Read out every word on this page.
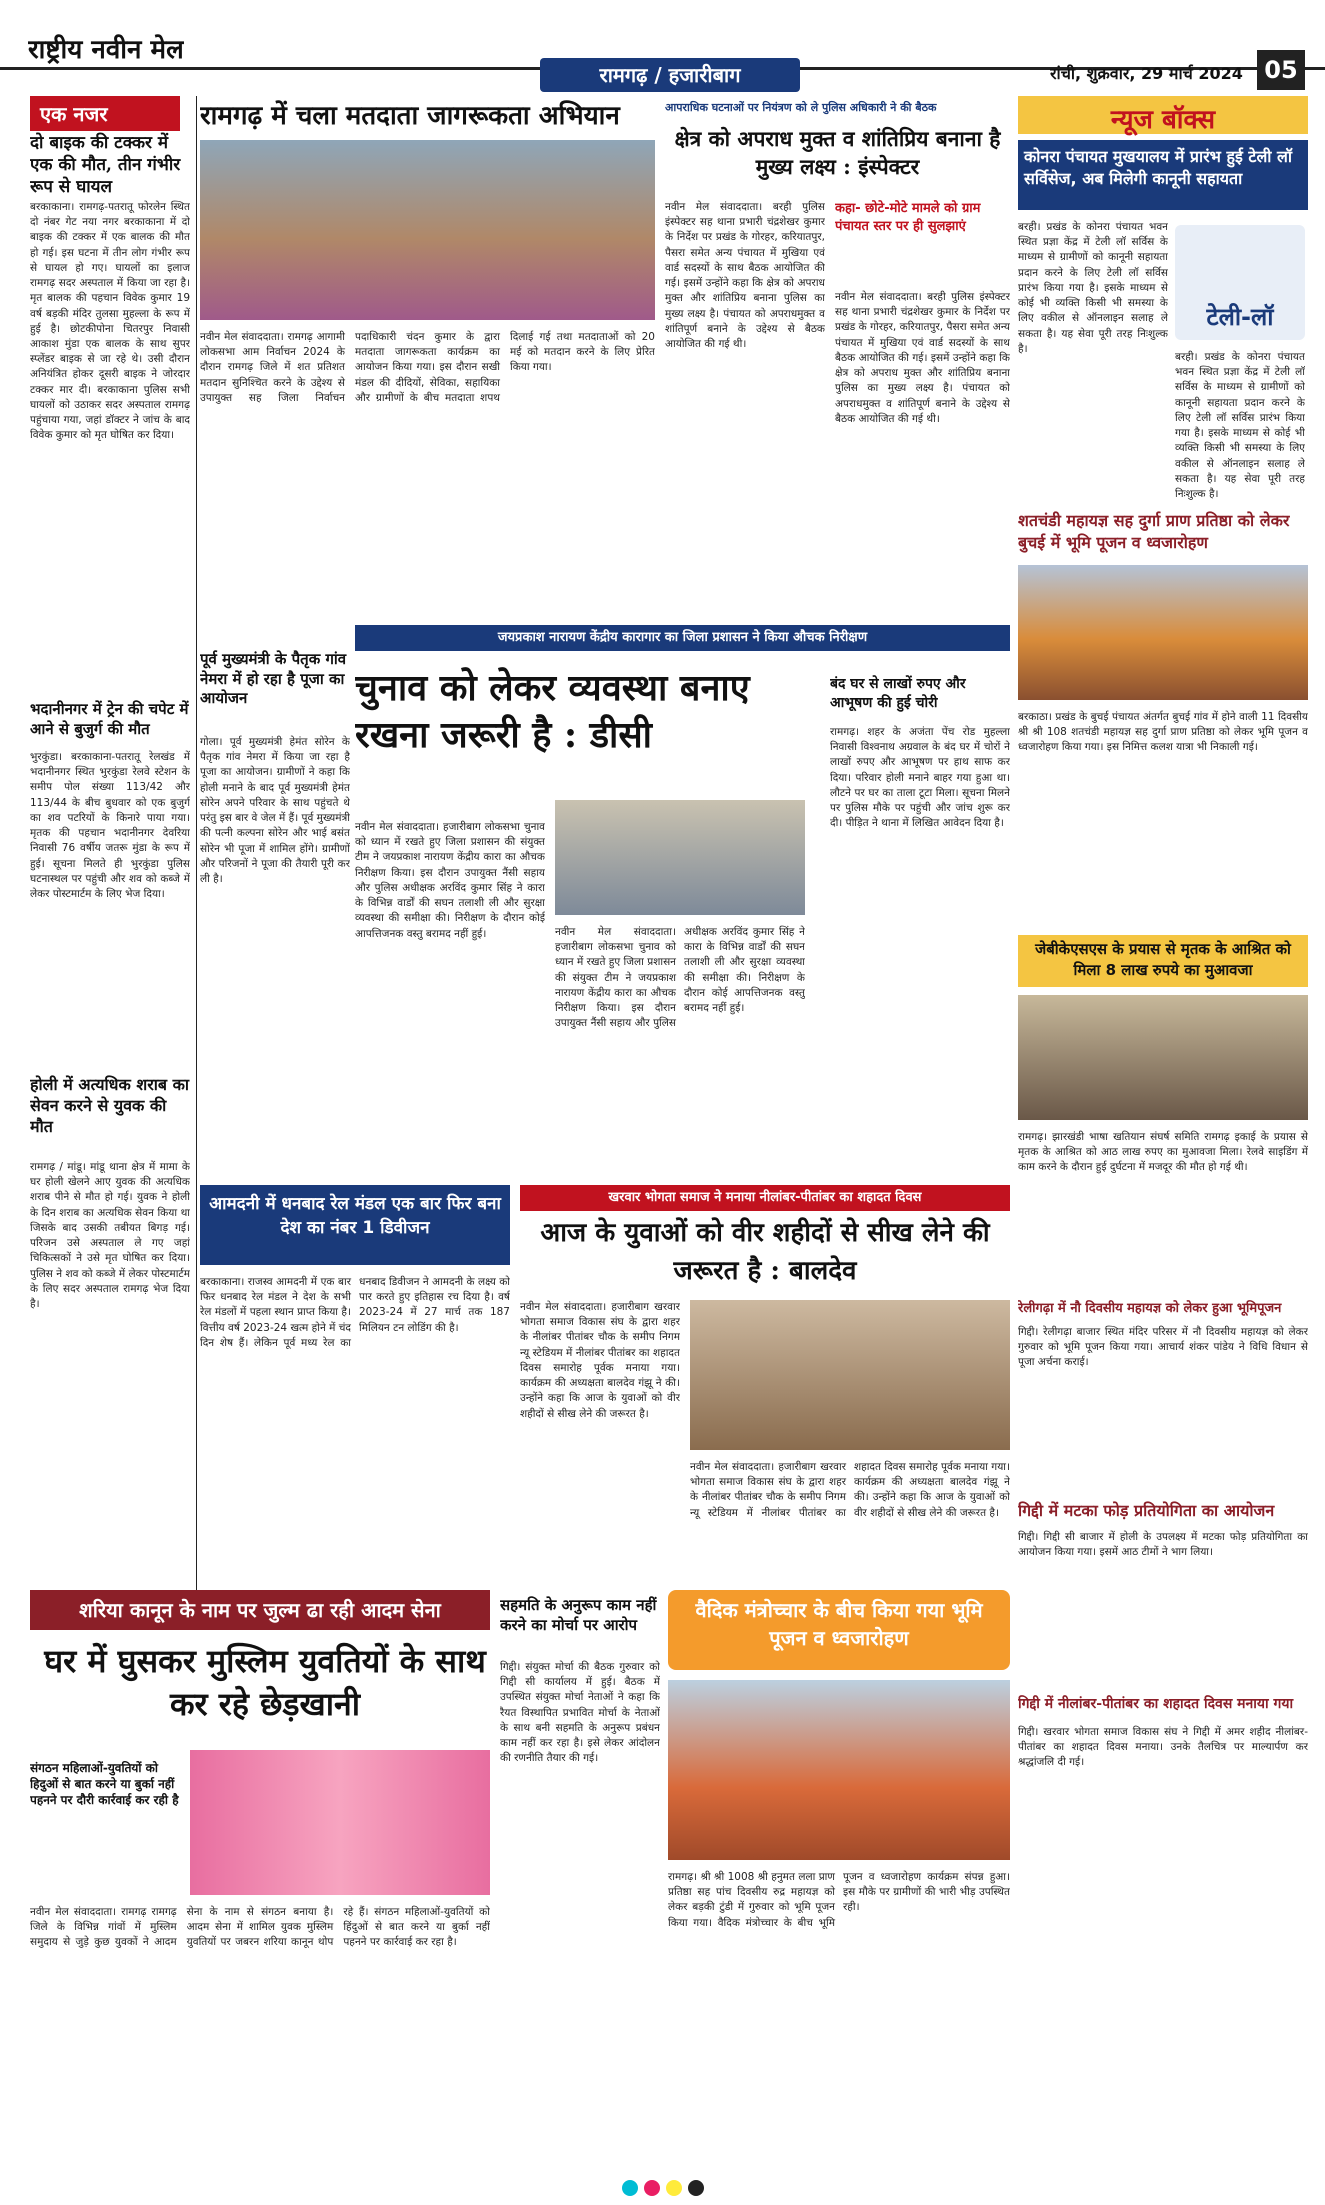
राष्ट्रीय नवीन मेल
रामगढ़ / हजारीबाग	रांची, शुक्रवार, 29 मार्च 2024 05
एक नजर
दो बाइक की टक्कर में एक की मौत, तीन गंभीर रूप से घायल
बरकाकाना। रामगढ़-पतरातू फोरलेन स्थित दो नंबर गेट नया नगर बरकाकाना में दो बाइक की टक्कर में एक बालक की मौत हो गई। इस घटना में तीन लोग गंभीर रूप से घायल हो गए। घायलों का इलाज रामगढ़ सदर अस्पताल में किया जा रहा है। मृत बालक की पहचान विवेक कुमार 19 वर्ष बड़की मंदिर तुलसा मुहल्ला के रूप में हुई है। छोटकीपोना चितरपुर निवासी आकाश मुंडा एक बालक के साथ सुपर स्प्लेंडर बाइक से जा रहे थे। उसी दौरान अनियंत्रित होकर दूसरी बाइक ने जोरदार टक्कर मार दी। बरकाकाना पुलिस सभी घायलों को उठाकर सदर अस्पताल रामगढ़ पहुंचाया गया, जहां डॉक्टर ने जांच के बाद विवेक कुमार को मृत घोषित कर दिया।
भदानीनगर में ट्रेन की चपेट में आने से बुजुर्ग की मौत
भुरकुंडा। बरकाकाना-पतरातू रेलखंड में भदानीनगर स्थित भुरकुंडा रेलवे स्टेशन के समीप पोल संख्या 113/42 और 113/44 के बीच बुधवार को एक बुजुर्ग का शव पटरियों के किनारे पाया गया। मृतक की पहचान भदानीनगर देवरिया निवासी 76 वर्षीय जतरू मुंडा के रूप में हुई। सूचना मिलते ही भुरकुंडा पुलिस घटनास्थल पर पहुंची और शव को कब्जे में लेकर पोस्टमार्टम के लिए भेज दिया।
होली में अत्यधिक शराब का सेवन करने से युवक की मौत
रामगढ़ / मांडू। मांडू थाना क्षेत्र में मामा के घर होली खेलने आए युवक की अत्यधिक शराब पीने से मौत हो गई। युवक ने होली के दिन शराब का अत्यधिक सेवन किया था जिसके बाद उसकी तबीयत बिगड़ गई। परिजन उसे अस्पताल ले गए जहां चिकित्सकों ने उसे मृत घोषित कर दिया। पुलिस ने शव को कब्जे में लेकर पोस्टमार्टम के लिए सदर अस्पताल रामगढ़ भेज दिया है।
रामगढ़ में चला मतदाता जागरूकता अभियान
नवीन मेल संवाददाता। रामगढ़ आगामी लोकसभा आम निर्वाचन 2024 के दौरान रामगढ़ जिले में शत प्रतिशत मतदान सुनिश्चित करने के उद्देश्य से उपायुक्त सह जिला निर्वाचन पदाधिकारी चंदन कुमार के द्वारा मतदाता जागरूकता कार्यक्रम का आयोजन किया गया। इस दौरान सखी मंडल की दीदियों, सेविका, सहायिका और ग्रामीणों के बीच मतदाता शपथ दिलाई गई तथा मतदाताओं को 20 मई को मतदान करने के लिए प्रेरित किया गया।
पूर्व मुख्यमंत्री के पैतृक गांव नेमरा में हो रहा है पूजा का आयोजन
गोला। पूर्व मुख्यमंत्री हेमंत सोरेन के पैतृक गांव नेमरा में किया जा रहा है पूजा का आयोजन। ग्रामीणों ने कहा कि होली मनाने के बाद पूर्व मुख्यमंत्री हेमंत सोरेन अपने परिवार के साथ पहुंचते थे परंतु इस बार वे जेल में हैं। पूर्व मुख्यमंत्री की पत्नी कल्पना सोरेन और भाई बसंत सोरेन भी पूजा में शामिल होंगे। ग्रामीणों और परिजनों ने पूजा की तैयारी पूरी कर ली है।
आपराधिक घटनाओं पर नियंत्रण को ले पुलिस अधिकारी ने की बैठक
क्षेत्र को अपराध मुक्त व शांतिप्रिय बनाना है मुख्य लक्ष्य : इंस्पेक्टर
नवीन मेल संवाददाता। बरही पुलिस इंस्पेक्टर सह थाना प्रभारी चंद्रशेखर कुमार के निर्देश पर प्रखंड के गोरहर, करियातपुर, पैसरा समेत अन्य पंचायत में मुखिया एवं वार्ड सदस्यों के साथ बैठक आयोजित की गई। इसमें उन्होंने कहा कि क्षेत्र को अपराध मुक्त और शांतिप्रिय बनाना पुलिस का मुख्य लक्ष्य है। पंचायत को अपराधमुक्त व शांतिपूर्ण बनाने के उद्देश्य से बैठक आयोजित की गई थी।
कहा- छोटे-मोटे मामले को ग्राम पंचायत स्तर पर ही सुलझाएं
नवीन मेल संवाददाता। बरही पुलिस इंस्पेक्टर सह थाना प्रभारी चंद्रशेखर कुमार के निर्देश पर प्रखंड के गोरहर, करियातपुर, पैसरा समेत अन्य पंचायत में मुखिया एवं वार्ड सदस्यों के साथ बैठक आयोजित की गई। इसमें उन्होंने कहा कि क्षेत्र को अपराध मुक्त और शांतिप्रिय बनाना पुलिस का मुख्य लक्ष्य है। पंचायत को अपराधमुक्त व शांतिपूर्ण बनाने के उद्देश्य से बैठक आयोजित की गई थी।
जयप्रकाश नारायण केंद्रीय कारागार का जिला प्रशासन ने किया औचक निरीक्षण
चुनाव को लेकर व्यवस्था बनाए रखना जरूरी है : डीसी
नवीन मेल संवाददाता। हजारीबाग लोकसभा चुनाव को ध्यान में रखते हुए जिला प्रशासन की संयुक्त टीम ने जयप्रकाश नारायण केंद्रीय कारा का औचक निरीक्षण किया। इस दौरान उपायुक्त नैंसी सहाय और पुलिस अधीक्षक अरविंद कुमार सिंह ने कारा के विभिन्न वार्डों की सघन तलाशी ली और सुरक्षा व्यवस्था की समीक्षा की। निरीक्षण के दौरान कोई आपत्तिजनक वस्तु बरामद नहीं हुई।	नवीन मेल संवाददाता। हजारीबाग लोकसभा चुनाव को ध्यान में रखते हुए जिला प्रशासन की संयुक्त टीम ने जयप्रकाश नारायण केंद्रीय कारा का औचक निरीक्षण किया। इस दौरान उपायुक्त नैंसी सहाय और पुलिस अधीक्षक अरविंद कुमार सिंह ने कारा के विभिन्न वार्डों की सघन तलाशी ली और सुरक्षा व्यवस्था की समीक्षा की। निरीक्षण के दौरान कोई आपत्तिजनक वस्तु बरामद नहीं हुई।
बंद घर से लाखों रुपए और आभूषण की हुई चोरी
रामगढ़। शहर के अजंता पेंच रोड मुहल्ला निवासी विश्वनाथ अग्रवाल के बंद घर में चोरों ने लाखों रुपए और आभूषण पर हाथ साफ कर दिया। परिवार होली मनाने बाहर गया हुआ था। लौटने पर घर का ताला टूटा मिला। सूचना मिलने पर पुलिस मौके पर पहुंची और जांच शुरू कर दी। पीड़ित ने थाना में लिखित आवेदन दिया है।
आमदनी में धनबाद रेल मंडल एक बार फिर बना देश का नंबर 1 डिवीजन
बरकाकाना। राजस्व आमदनी में एक बार फिर धनबाद रेल मंडल ने देश के सभी रेल मंडलों में पहला स्थान प्राप्त किया है। वित्तीय वर्ष 2023-24 खत्म होने में चंद दिन शेष हैं। लेकिन पूर्व मध्य रेल का धनबाद डिवीजन ने आमदनी के लक्ष्य को पार करते हुए इतिहास रच दिया है। वर्ष 2023-24 में 27 मार्च तक 187 मिलियन टन लोडिंग की है।
खरवार भोगता समाज ने मनाया नीलांबर-पीतांबर का शहादत दिवस
आज के युवाओं को वीर शहीदों से सीख लेने की जरूरत है : बालदेव
नवीन मेल संवाददाता। हजारीबाग खरवार भोगता समाज विकास संघ के द्वारा शहर के नीलांबर पीतांबर चौक के समीप निगम न्यू स्टेडियम में नीलांबर पीतांबर का शहादत दिवस समारोह पूर्वक मनाया गया। कार्यक्रम की अध्यक्षता बालदेव गंझू ने की। उन्होंने कहा कि आज के युवाओं को वीर शहीदों से सीख लेने की जरूरत है।
नवीन मेल संवाददाता। हजारीबाग खरवार भोगता समाज विकास संघ के द्वारा शहर के नीलांबर पीतांबर चौक के समीप निगम न्यू स्टेडियम में नीलांबर पीतांबर का शहादत दिवस समारोह पूर्वक मनाया गया। कार्यक्रम की अध्यक्षता बालदेव गंझू ने की। उन्होंने कहा कि आज के युवाओं को वीर शहीदों से सीख लेने की जरूरत है।
शरिया कानून के नाम पर जुल्म ढा रही आदम सेना
घर में घुसकर मुस्लिम युवतियों के साथ कर रहे छेड़खानी
संगठन महिलाओं-युवतियों को हिदुओं से बात करने या बुर्का नहीं पहनने पर दौरी कार्रवाई कर रही है
नवीन मेल संवाददाता। रामगढ़ रामगढ़ जिले के विभिन्न गांवों में मुस्लिम समुदाय से जुड़े कुछ युवकों ने आदम सेना के नाम से संगठन बनाया है। आदम सेना में शामिल युवक मुस्लिम युवतियों पर जबरन शरिया कानून थोप रहे हैं। संगठन महिलाओं-युवतियों को हिंदुओं से बात करने या बुर्का नहीं पहनने पर कार्रवाई कर रहा है।
सहमति के अनुरूप काम नहीं करने का मोर्चा पर आरोप
गिद्दी। संयुक्त मोर्चा की बैठक गुरुवार को गिद्दी सी कार्यालय में हुई। बैठक में उपस्थित संयुक्त मोर्चा नेताओं ने कहा कि रैयत विस्थापित प्रभावित मोर्चा के नेताओं के साथ बनी सहमति के अनुरूप प्रबंधन काम नहीं कर रहा है। इसे लेकर आंदोलन की रणनीति तैयार की गई।
वैदिक मंत्रोच्चार के बीच किया गया भूमि पूजन व ध्वजारोहण
रामगढ़। श्री श्री 1008 श्री हनुमत लला प्राण प्रतिष्ठा सह पांच दिवसीय रुद्र महायज्ञ को लेकर बड़की टुंडी में गुरुवार को भूमि पूजन किया गया। वैदिक मंत्रोच्चार के बीच भूमि पूजन व ध्वजारोहण कार्यक्रम संपन्न हुआ। इस मौके पर ग्रामीणों की भारी भीड़ उपस्थित रही।
न्यूज बॉक्स
कोनरा पंचायत मुखयालय में प्रारंभ हुई टेली लॉ सर्विसेज, अब मिलेगी कानूनी सहायता
बरही। प्रखंड के कोनरा पंचायत भवन स्थित प्रज्ञा केंद्र में टेली लॉ सर्विस के माध्यम से ग्रामीणों को कानूनी सहायता प्रदान करने के लिए टेली लॉ सर्विस प्रारंभ किया गया है। इसके माध्यम से कोई भी व्यक्ति किसी भी समस्या के लिए वकील से ऑनलाइन सलाह ले सकता है। यह सेवा पूरी तरह निःशुल्क है।
टेली-लॉ
बरही। प्रखंड के कोनरा पंचायत भवन स्थित प्रज्ञा केंद्र में टेली लॉ सर्विस के माध्यम से ग्रामीणों को कानूनी सहायता प्रदान करने के लिए टेली लॉ सर्विस प्रारंभ किया गया है। इसके माध्यम से कोई भी व्यक्ति किसी भी समस्या के लिए वकील से ऑनलाइन सलाह ले सकता है। यह सेवा पूरी तरह निःशुल्क है।
शतचंडी महायज्ञ सह दुर्गा प्राण प्रतिष्ठा को लेकर बुचई में भूमि पूजन व ध्वजारोहण
बरकाठा। प्रखंड के बुचई पंचायत अंतर्गत बुचई गांव में होने वाली 11 दिवसीय श्री श्री 108 शतचंडी महायज्ञ सह दुर्गा प्राण प्रतिष्ठा को लेकर भूमि पूजन व ध्वजारोहण किया गया। इस निमित्त कलश यात्रा भी निकाली गई।
जेबीकेएसएस के प्रयास से मृतक के आश्रित को मिला 8 लाख रुपये का मुआवजा
रामगढ़। झारखंडी भाषा खतियान संघर्ष समिति रामगढ़ इकाई के प्रयास से मृतक के आश्रित को आठ लाख रुपए का मुआवजा मिला। रेलवे साइडिंग में काम करने के दौरान हुई दुर्घटना में मजदूर की मौत हो गई थी।
रेलीगढ़ा में नौ दिवसीय महायज्ञ को लेकर हुआ भूमिपूजन
गिद्दी। रेलीगढ़ा बाजार स्थित मंदिर परिसर में नौ दिवसीय महायज्ञ को लेकर गुरुवार को भूमि पूजन किया गया। आचार्य शंकर पांडेय ने विधि विधान से पूजा अर्चना कराई।
गिद्दी में मटका फोड़ प्रतियोगिता का आयोजन
गिद्दी। गिद्दी सी बाजार में होली के उपलक्ष्य में मटका फोड़ प्रतियोगिता का आयोजन किया गया। इसमें आठ टीमों ने भाग लिया।
गिद्दी में नीलांबर-पीतांबर का शहादत दिवस मनाया गया
गिद्दी। खरवार भोगता समाज विकास संघ ने गिद्दी में अमर शहीद नीलांबर-पीतांबर का शहादत दिवस मनाया। उनके तैलचित्र पर माल्यार्पण कर श्रद्धांजलि दी गई।
